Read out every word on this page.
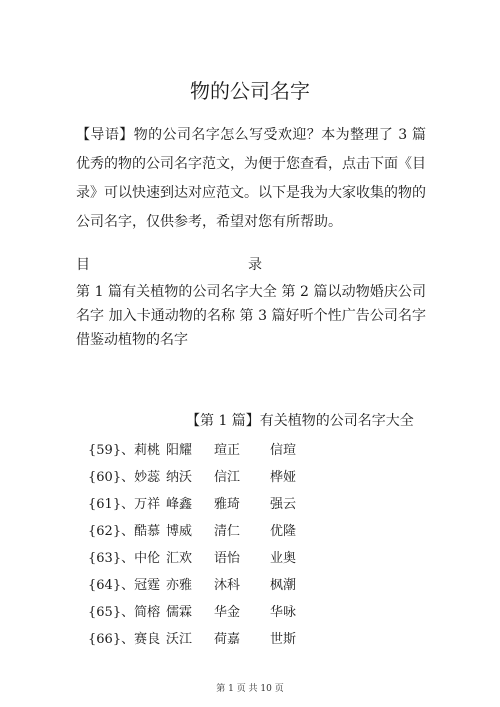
物的公司名字
【导语】物的公司名字怎么写受欢迎？本为整理了 3 篇优秀的物的公司名字范文，为便于您查看，点击下面《目录》可以快速到达对应范文。以下是我为大家收集的物的公司名字，仅供参考，希望对您有所帮助。
目	录
第 1 篇有关植物的公司名字大全 第 2 篇以动物婚庆公司名字 加入卡通动物的名称 第 3 篇好听个性广告公司名字 借鉴动植物的名字
【第 1 篇】有关植物的公司名字大全
{59}、莉桃 阳耀	瑄正	信瑄
{60}、妙蕊 纳沃	信江	桦娅
{61}、万祥 峰鑫	雅琦	强云
{62}、酷慕 博威	清仁	优隆
{63}、中伦 汇欢	语怡	业奥
{64}、冠霆 亦雅	沐科	枫潮
{65}、简榕 儒霖	华金	华咏
{66}、赛良 沃江	荷嘉	世斯
第 1 页 共 10 页
